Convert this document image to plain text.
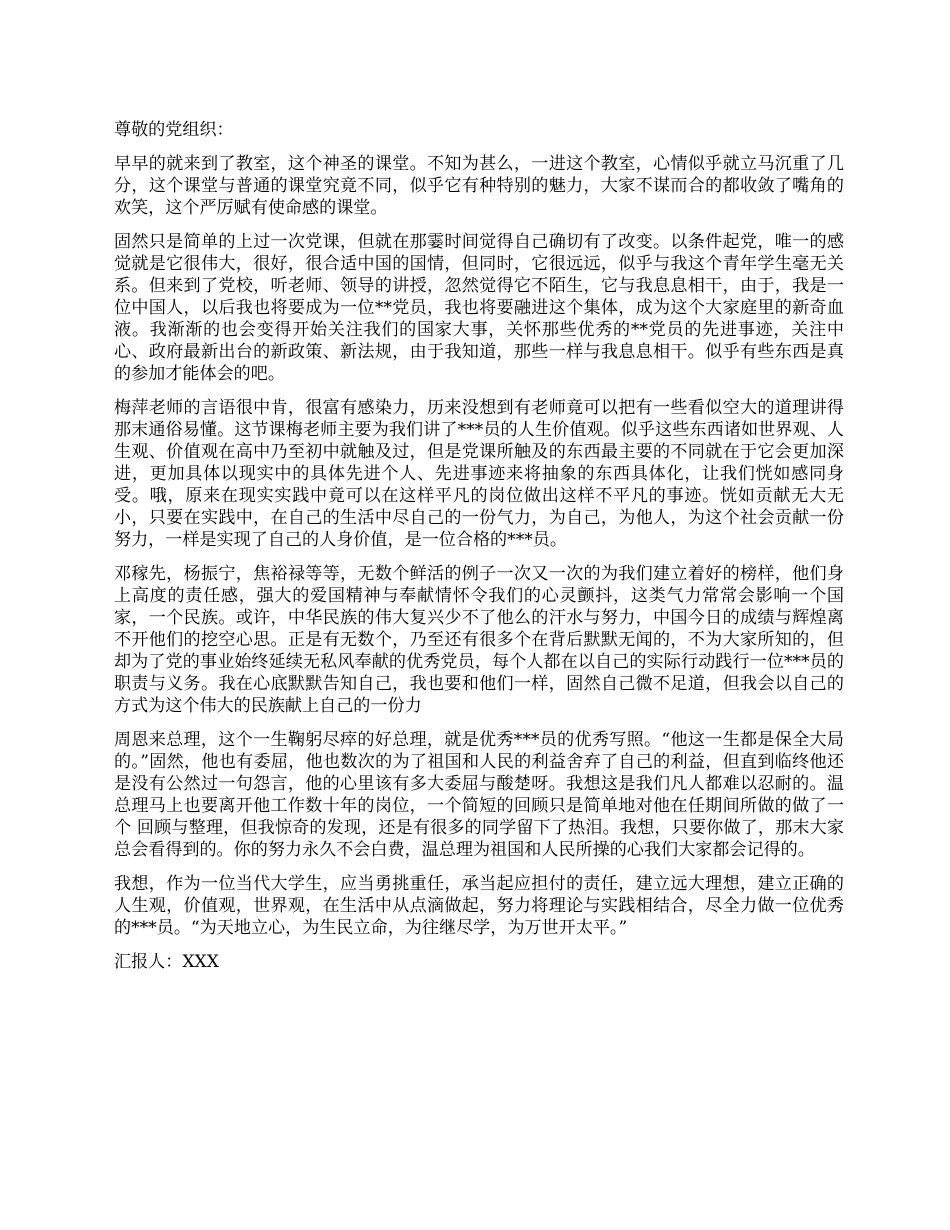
尊敬的党组织：

早早的就来到了教室，这个神圣的课堂。不知为甚么，一进这个教室，心情似乎就立马沉重了几分，这个课堂与普通的课堂究竟不同，似乎它有种特别的魅力，大家不谋而合的都收敛了嘴角的欢笑，这个严厉赋有使命感的课堂。

固然只是简单的上过一次党课，但就在那霎时间觉得自己确切有了改变。以条件起党，唯一的感觉就是它很伟大，很好，很合适中国的国情，但同时，它很远远，似乎与我这个青年学生毫无关系。但来到了党校，听老师、领导的讲授，忽然觉得它不陌生，它与我息息相干，由于，我是一位中国人，以后我也将要成为一位**党员，我也将要融进这个集体，成为这个大家庭里的新奇血液。我渐渐的也会变得开始关注我们的国家大事，关怀那些优秀的**党员的先进事迹，关注中心、政府最新出台的新政策、新法规，由于我知道，那些一样与我息息相干。似乎有些东西是真的参加才能体会的吧。

梅萍老师的言语很中肯，很富有感染力，历来没想到有老师竟可以把有一些看似空大的道理讲得那末通俗易懂。这节课梅老师主要为我们讲了***员的人生价值观。似乎这些东西诸如世界观、人生观、价值观在高中乃至初中就触及过，但是党课所触及的东西最主要的不同就在于它会更加深进，更加具体以现实中的具体先进个人、先进事迹来将抽象的东西具体化，让我们恍如感同身受。哦，原来在现实实践中竟可以在这样平凡的岗位做出这样不平凡的事迹。恍如贡献无大无小，只要在实践中，在自己的生活中尽自己的一份气力，为自己，为他人，为这个社会贡献一份努力，一样是实现了自己的人身价值，是一位合格的***员。

邓稼先，杨振宁，焦裕禄等等，无数个鲜活的例子一次又一次的为我们建立着好的榜样，他们身上高度的责任感，强大的爱国精神与奉献情怀令我们的心灵颤抖，这类气力常常会影响一个国家，一个民族。或许，中华民族的伟大复兴少不了他么的汗水与努力，中国今日的成绩与辉煌离不开他们的挖空心思。正是有无数个，乃至还有很多个在背后默默无闻的，不为大家所知的，但却为了党的事业始终延续无私风奉献的优秀党员，每个人都在以自己的实际行动践行一位***员的职责与义务。我在心底默默告知自己，我也要和他们一样，固然自己微不足道，但我会以自己的方式为这个伟大的民族献上自己的一份力

周恩来总理，这个一生鞠躬尽瘁的好总理，就是优秀***员的优秀写照。“他这一生都是保全大局的。”固然，他也有委屈，他也数次的为了祖国和人民的利益舍弃了自己的利益，但直到临终他还是没有公然过一句怨言，他的心里该有多大委屈与酸楚呀。我想这是我们凡人都难以忍耐的。温总理马上也要离开他工作数十年的岗位，一个简短的回顾只是简单地对他在任期间所做的做了一个 回顾与整理，但我惊奇的发现，还是有很多的同学留下了热泪。我想，只要你做了，那末大家总会看得到的。你的努力永久不会白费，温总理为祖国和人民所操的心我们大家都会记得的。

我想，作为一位当代大学生，应当勇挑重任，承当起应担付的责任，建立远大理想，建立正确的人生观，价值观，世界观，在生活中从点滴做起，努力将理论与实践相结合，尽全力做一位优秀的***员。“为天地立心，为生民立命，为往继尽学，为万世开太平。”

汇报人：XXX
